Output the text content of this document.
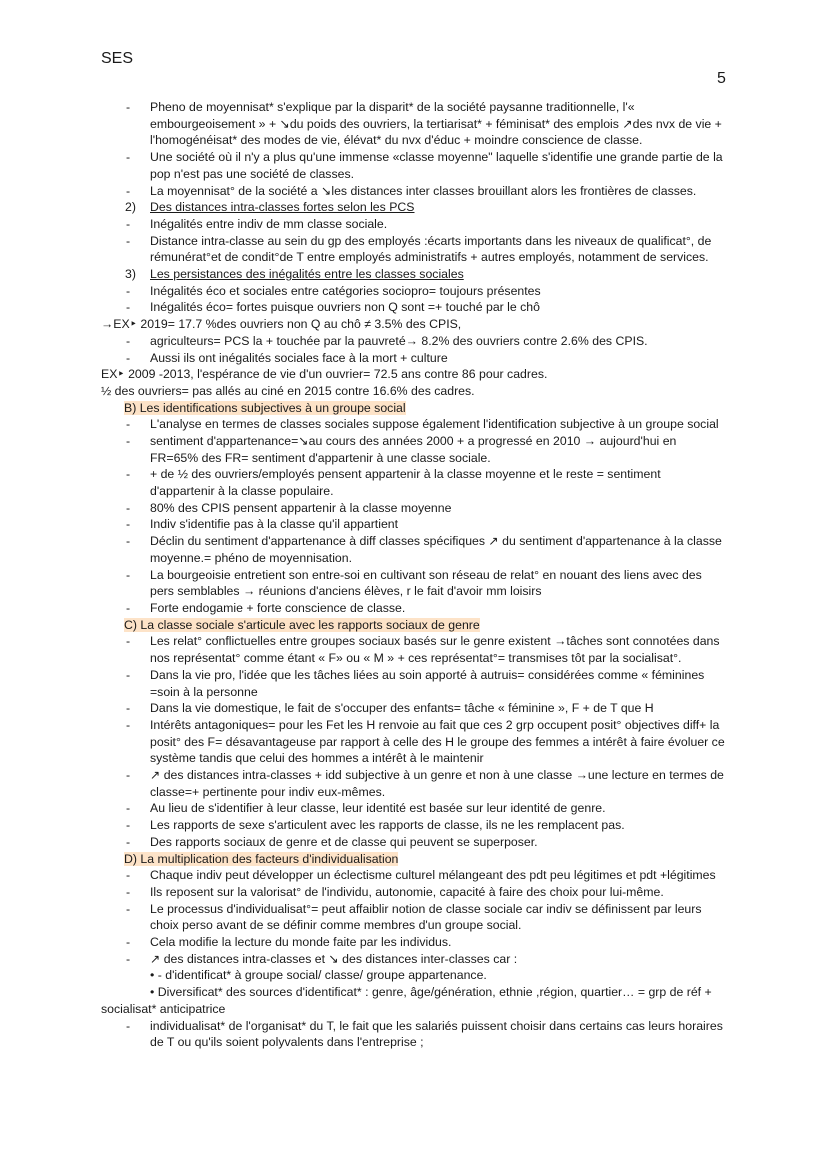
SES
5
- Pheno de moyennisat* s'explique par la disparit* de la société paysanne traditionnelle, l'« embourgeoisement » + ↘du poids des ouvriers, la tertiarisat* + féminisat* des emplois ↗des nvx de vie + l'homogénéisat* des modes de vie, élévat* du nvx d'éduc + moindre conscience de classe.
- Une société où il n'y a plus qu'une immense «classe moyenne" laquelle s'identifie une grande partie de la pop n'est pas une société de classes.
- La moyennisat° de la société a ↘les distances inter classes brouillant alors les frontières de classes.
2) Des distances intra-classes fortes selon les PCS
- Inégalités entre indiv de mm classe sociale.
- Distance intra-classe au sein du gp des employés :écarts importants dans les niveaux de qualificat°, de rémunérat°et de condit°de T entre employés administratifs + autres employés, notamment de services.
3) Les persistances des inégalités entre les classes sociales
- Inégalités éco et sociales entre catégories sociopro= toujours présentes
- Inégalités éco= fortes puisque ouvriers non Q sont =+ touché par le chô
→EX‣ 2019= 17.7 %des ouvriers non Q au chô ≠ 3.5% des CPIS,
- agriculteurs= PCS la + touchée par la pauvreté→ 8.2% des ouvriers contre 2.6% des CPIS.
- Aussi ils ont inégalités sociales face à la mort + culture
EX‣ 2009 -2013, l'espérance de vie d'un ouvrier= 72.5 ans contre 86 pour cadres.
½ des ouvriers= pas allés au ciné en 2015 contre 16.6% des cadres.
B) Les identifications subjectives à un groupe social
- L'analyse en termes de classes sociales suppose également l'identification subjective à un groupe social
- sentiment d'appartenance=↘au cours des années 2000 + a progressé en 2010 → aujourd'hui en FR=65% des FR= sentiment d'appartenir à une classe sociale.
- + de ½ des ouvriers/employés pensent appartenir à la classe moyenne et le reste = sentiment d'appartenir à la classe populaire.
- 80% des CPIS pensent appartenir à la classe moyenne
- Indiv s'identifie pas à la classe qu'il appartient
- Déclin du sentiment d'appartenance à diff classes spécifiques ↗ du sentiment d'appartenance à la classe moyenne.= phéno de moyennisation.
- La bourgeoisie entretient son entre-soi en cultivant son réseau de relat° en nouant des liens avec des pers semblables → réunions d'anciens élèves, r le fait d'avoir mm loisirs
- Forte endogamie + forte conscience de classe.
C) La classe sociale s'articule avec les rapports sociaux de genre
- Les relat° conflictuelles entre groupes sociaux basés sur le genre existent →tâches sont connotées dans nos représentat° comme étant « F» ou « M » + ces représentat°= transmises tôt par la socialisat°.
- Dans la vie pro, l'idée que les tâches liées au soin apporté à autruis= considérées comme « féminines =soin à la personne
- Dans la vie domestique, le fait de s'occuper des enfants= tâche « féminine », F + de T que H
- Intérêts antagoniques= pour les Fet les H renvoie au fait que ces 2 grp occupent posit° objectives diff+ la posit° des F= désavantageuse par rapport à celle des H le groupe des femmes a intérêt à faire évoluer ce système tandis que celui des hommes a intérêt à le maintenir
- ↗ des distances intra-classes + idd subjective à un genre et non à une classe →une lecture en termes de classe=+ pertinente pour indiv eux-mêmes.
- Au lieu de s'identifier à leur classe, leur identité est basée sur leur identité de genre.
- Les rapports de sexe s'articulent avec les rapports de classe, ils ne les remplacent pas.
- Des rapports sociaux de genre et de classe qui peuvent se superposer.
D) La multiplication des facteurs d'individualisation
- Chaque indiv peut développer un éclectisme culturel mélangeant des pdt peu légitimes et pdt +légitimes
- Ils reposent sur la valorisat° de l'individu, autonomie, capacité à faire des choix pour lui-même.
- Le processus d'individualisat°= peut affaiblir notion de classe sociale car indiv se définissent par leurs choix perso avant de se définir comme membres d'un groupe social.
- Cela modifie la lecture du monde faite par les individus.
- ↗ des distances intra-classes et ↘ des distances inter-classes car :
• - d'identificat* à groupe social/ classe/ groupe appartenance.
• Diversificat* des sources d'identificat* : genre, âge/génération, ethnie ,région, quartier… = grp de réf +
socialisat* anticipatrice
- individualisat* de l'organisat* du T, le fait que les salariés puissent choisir dans certains cas leurs horaires de T ou qu'ils soient polyvalents dans l'entreprise ;
